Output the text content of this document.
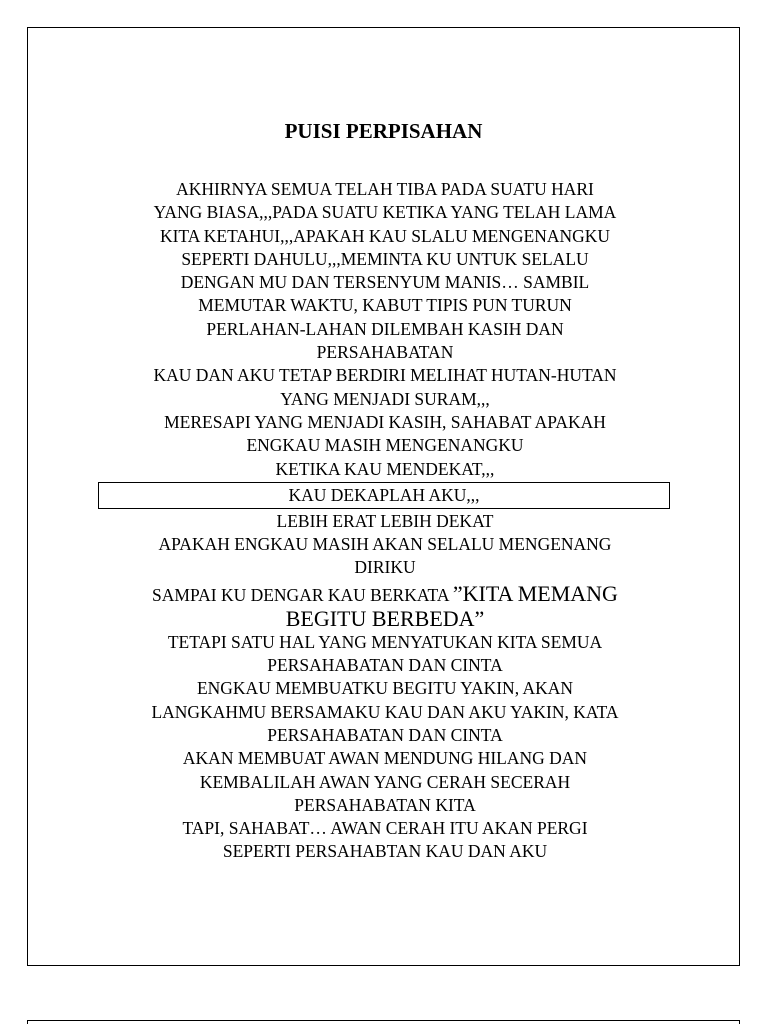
PUISI PERPISAHAN
AKHIRNYA SEMUA TELAH TIBA PADA SUATU HARI
YANG BIASA,,,PADA SUATU KETIKA YANG TELAH LAMA
KITA KETAHUI,,,APAKAH KAU SLALU MENGENANGKU
SEPERTI DAHULU,,,MEMINTA KU UNTUK SELALU
DENGAN MU DAN TERSENYUM MANIS… SAMBIL
MEMUTAR WAKTU, KABUT TIPIS PUN TURUN
PERLAHAN-LAHAN DILEMBAH KASIH DAN
PERSAHABATAN
KAU DAN AKU TETAP BERDIRI MELIHAT HUTAN-HUTAN
YANG MENJADI SURAM,,,
MERESAPI YANG MENJADI KASIH, SAHABAT APAKAH
ENGKAU MASIH MENGENANGKU
KETIKA KAU MENDEKAT,,,
KAU DEKAPLAH AKU,,,
LEBIH ERAT LEBIH DEKAT
APAKAH ENGKAU MASIH AKAN SELALU MENGENANG
DIRIKU
SAMPAI KU DENGAR KAU BERKATA ”KITA MEMANG
BEGITU BERBEDA”
TETAPI SATU HAL YANG MENYATUKAN KITA SEMUA
PERSAHABATAN DAN CINTA
ENGKAU MEMBUATKU BEGITU YAKIN, AKAN
LANGKAHMU BERSAMAKU KAU DAN AKU YAKIN, KATA
PERSAHABATAN DAN CINTA
AKAN MEMBUAT AWAN MENDUNG HILANG DAN
KEMBALILAH AWAN YANG CERAH SECERAH
PERSAHABATAN KITA
TAPI, SAHABAT… AWAN CERAH ITU AKAN PERGI
SEPERTI PERSAHABTAN KAU DAN AKU
